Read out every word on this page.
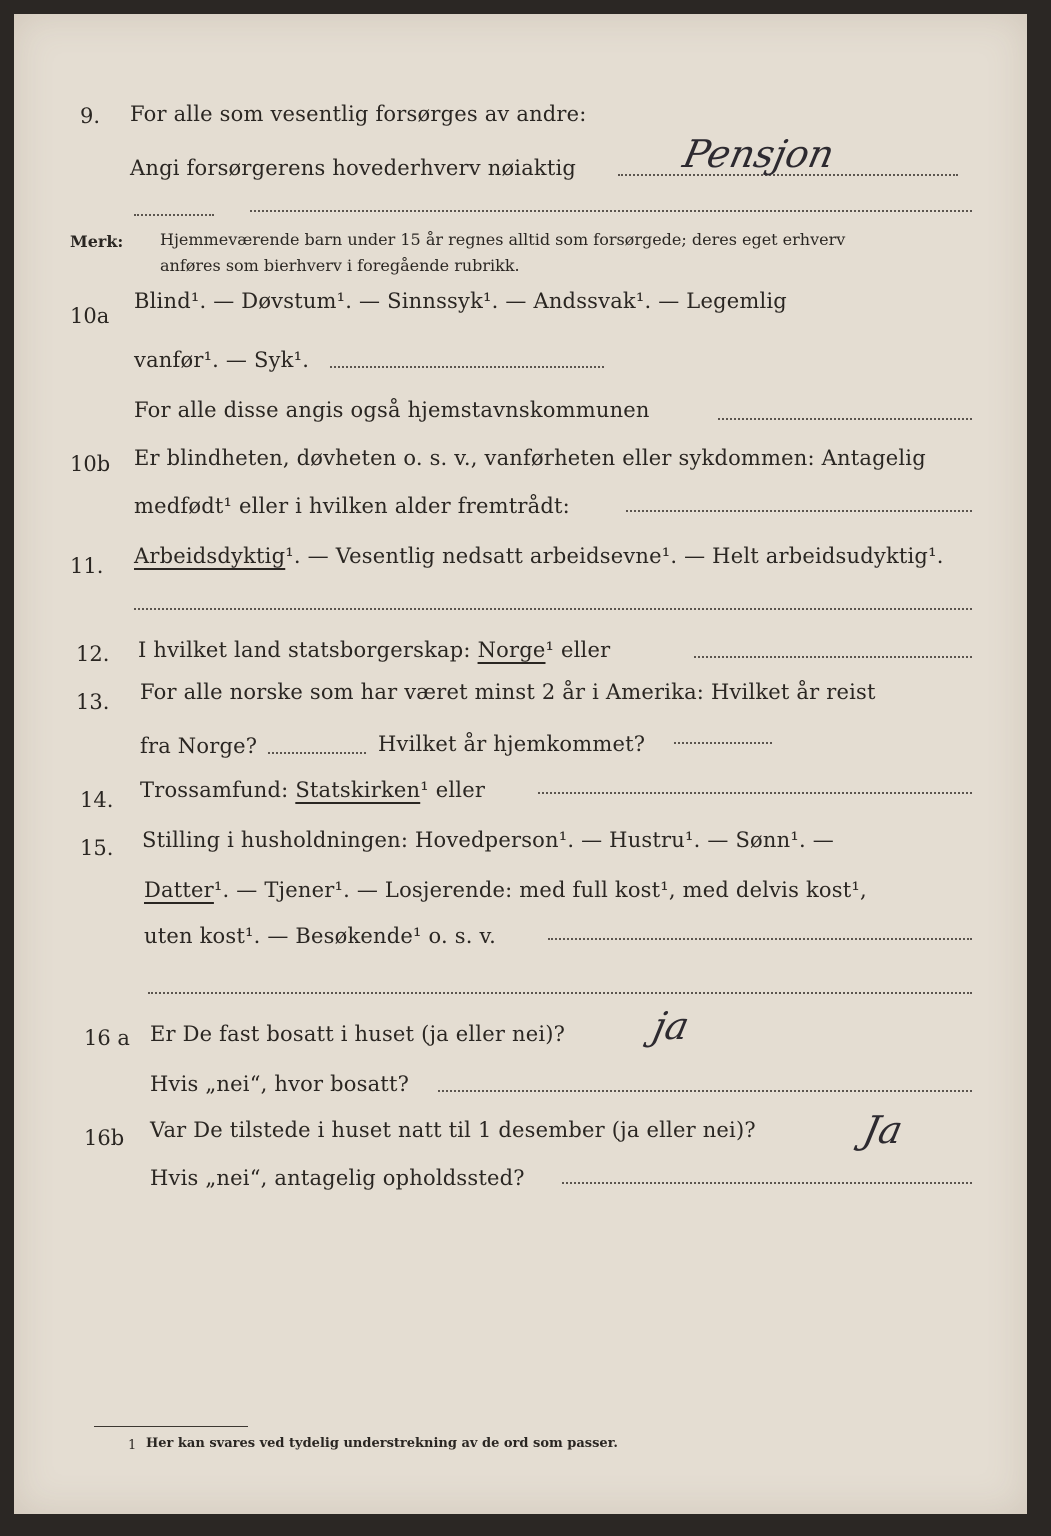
9. For alle som vesentlig forsørges av andre:
Angi forsørgerens hovederhverv nøiaktig	Pensjon
Merk: Hjemmeværende barn under 15 år regnes alltid som forsørgede; deres eget erhverv
anføres som bierhverv i foregående rubrikk.
10a
Blind¹. — Døvstum¹. — Sinnssyk¹. — Andssvak¹. — Legemlig
vanfør¹. — Syk¹.
For alle disse angis også hjemstavnskommunen
10b Er blindheten, døvheten o. s. v., vanførheten eller sykdommen: Antagelig
medfødt¹ eller i hvilken alder fremtrådt:
11. Arbeidsdyktig¹. — Vesentlig nedsatt arbeidsevne¹. — Helt arbeidsudyktig¹.
12. I hvilket land statsborgerskap: Norge¹ eller
13. For alle norske som har været minst 2 år i Amerika: Hvilket år reist
fra Norge?	Hvilket år hjemkommet?
14. Trossamfund: Statskirken¹ eller
15. Stilling i husholdningen: Hovedperson¹. — Hustru¹. — Sønn¹. —
Datter¹. — Tjener¹. — Losjerende: med full kost¹, med delvis kost¹,
uten kost¹. — Besøkende¹ o. s. v.
16 a Er De fast bosatt i huset (ja eller nei)? ja
Hvis „nei“, hvor bosatt?
16b Var De tilstede i huset natt til 1 desember (ja eller nei)?	Ja
Hvis „nei“, antagelig opholdssted?
1 Her kan svares ved tydelig understrekning av de ord som passer.
